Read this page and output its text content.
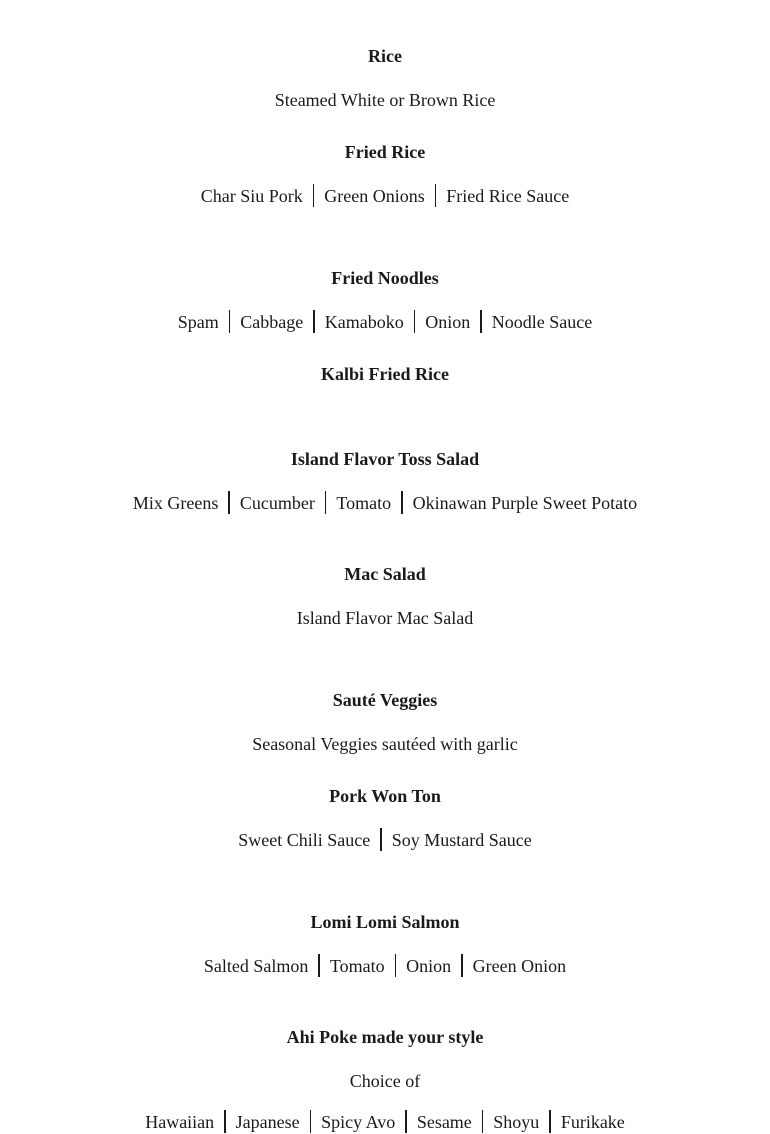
Rice
Steamed White or Brown Rice
Fried Rice
Char Siu Pork Green Onions Fried Rice Sauce
Fried Noodles
Spam Cabbage Kamaboko Onion Noodle Sauce
Kalbi Fried Rice
Island Flavor Toss Salad
Mix Greens Cucumber Tomato Okinawan Purple Sweet Potato
Mac Salad
Island Flavor Mac Salad
Sauté Veggies
Seasonal Veggies sautéed with garlic
Pork Won Ton
Sweet Chili Sauce Soy Mustard Sauce
Lomi Lomi Salmon
Salted Salmon Tomato Onion Green Onion
Ahi Poke made your style
Choice of
Hawaiian Japanese Spicy Avo Sesame Shoyu Furikake
